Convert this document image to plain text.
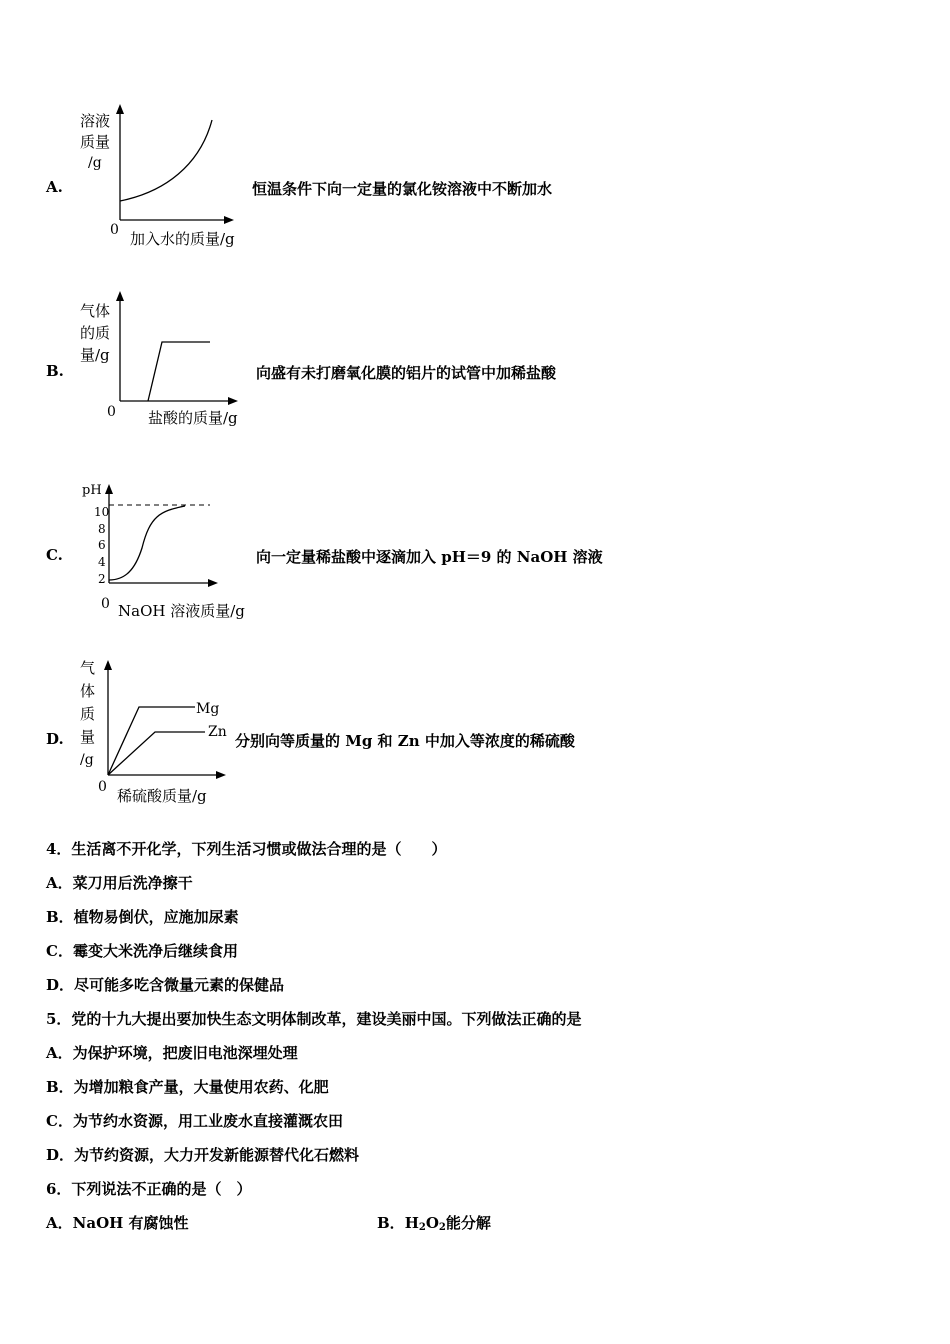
A.
溶液
质量
/g
0 加入水的质量/g
恒温条件下向一定量的氯化铵溶液中不断加水
B.
气体
的质
量/g
0 盐酸的质量/g
向盛有未打磨氧化膜的铝片的试管中加稀盐酸
C.
pH
10
8
6
4
2
0 NaOH 溶液质量/g
向一定量稀盐酸中逐滴加入 pH＝9 的 NaOH 溶液
D.
气
体
质
量
/g
Mg
Zn
0 稀硫酸质量/g
分别向等质量的 Mg 和 Zn 中加入等浓度的稀硫酸
4．生活离不开化学，下列生活习惯或做法合理的是（　　）
A．菜刀用后洗净擦干
B．植物易倒伏，应施加尿素
C．霉变大米洗净后继续食用
D．尽可能多吃含微量元素的保健品
5．党的十九大提出要加快生态文明体制改革，建设美丽中国。下列做法正确的是
A．为保护环境，把废旧电池深埋处理
B．为增加粮食产量，大量使用农药、化肥
C．为节约水资源，用工业废水直接灌溉农田
D．为节约资源，大力开发新能源替代化石燃料
6．下列说法不正确的是（　）
A．NaOH 有腐蚀性	B．$H_2O_2$能分解
